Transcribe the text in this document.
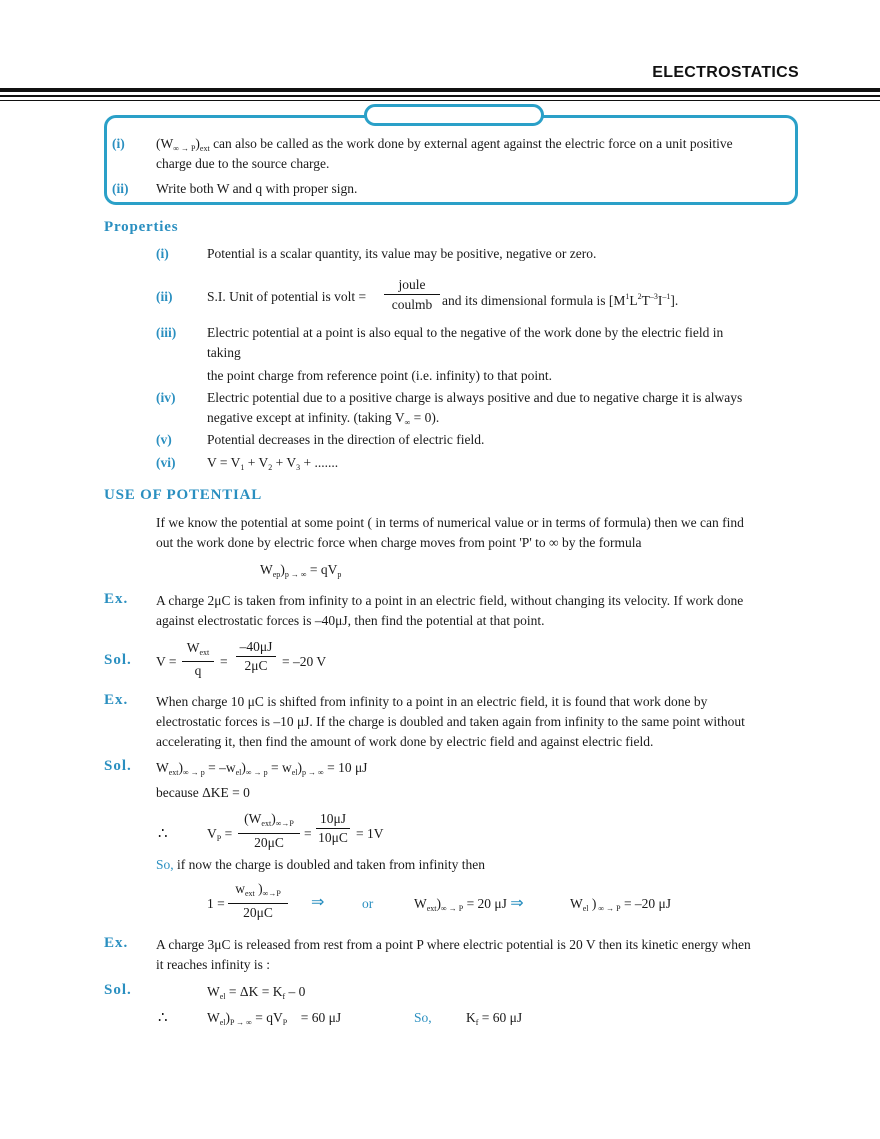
ELECTROSTATICS
(i) $(W_{\infty \to P})_{ext}$ can also be called as the work done by external agent against the electric force on a unit positive
charge due to the source charge.
(ii) Write both W and q with proper sign.
Properties
(i)	Potential is a scalar quantity, its value may be positive, negative or zero.
(ii)	S.I. Unit of potential is volt =
joule
coulmb and its dimensional formula is $[M^1L^2T^{-3}I^{-1}]$.
(iii) Electric potential at a point is also equal to the negative of the work done by the electric field in
taking
the point charge from reference point (i.e. infinity) to that point.
(iv) Electric potential due to a positive charge is always positive and due to negative charge it is always
negative except at infinity. (taking $V_\infty = 0$).
(v)	Potential decreases in the direction of electric field.
(vi) $V = V_1 + V_2 + V_3$ + .......
USE OF POTENTIAL
If we know the potential at some point ( in terms of numerical value or in terms of formula) then we can find
out the work done by electric force when charge moves from point 'P' to ∞ by the formula
$W_{ep})_{p \to \infty} = qV_p$
Ex. A charge 2μC is taken from infinity to a point in an electric field, without changing its velocity. If work done
against electrostatic forces is –40μJ, then find the potential at that point.
Sol. V =
$W_{ext}$
q
=
–40μJ
2μC	= –20 V
Ex. When charge 10 μC is shifted from infinity to a point in an electric field, it is found that work done by
electrostatic forces is –10 μJ. If the charge is doubled and taken again from infinity to the same point without
accelerating it, then find the amount of work done by electric field and against electric field.
Sol. $W_{ext})_{\infty \to p} = -w_{el})_{\infty \to p} = w_{el})_{p \to \infty} = 10$ μJ
because ΔKE = 0
∴	$V_P$ =
$(W_{ext})_{\infty\to P}$
20μC
=
10μJ
10μC = 1V
So, if now the charge is doubled and taken from infinity then
1 =
$w_{ext}$ )$_{\infty\to P}$
20μC
⇒	or	$W_{ext})_{\infty \to P} = 20$ μJ ⇒	$W_{el}$ ) $_{\infty \to P}$ = –20 μJ
Ex. A charge 3μC is released from rest from a point P where electric potential is 20 V then its kinetic energy when
it reaches infinity is :
Sol.	$W_{el} = \Delta K = K_f - 0$
∴	$W_{el})_{P \to \infty} = qV_P$    = 60 μJ	So,	$K_f = 60$ μJ
